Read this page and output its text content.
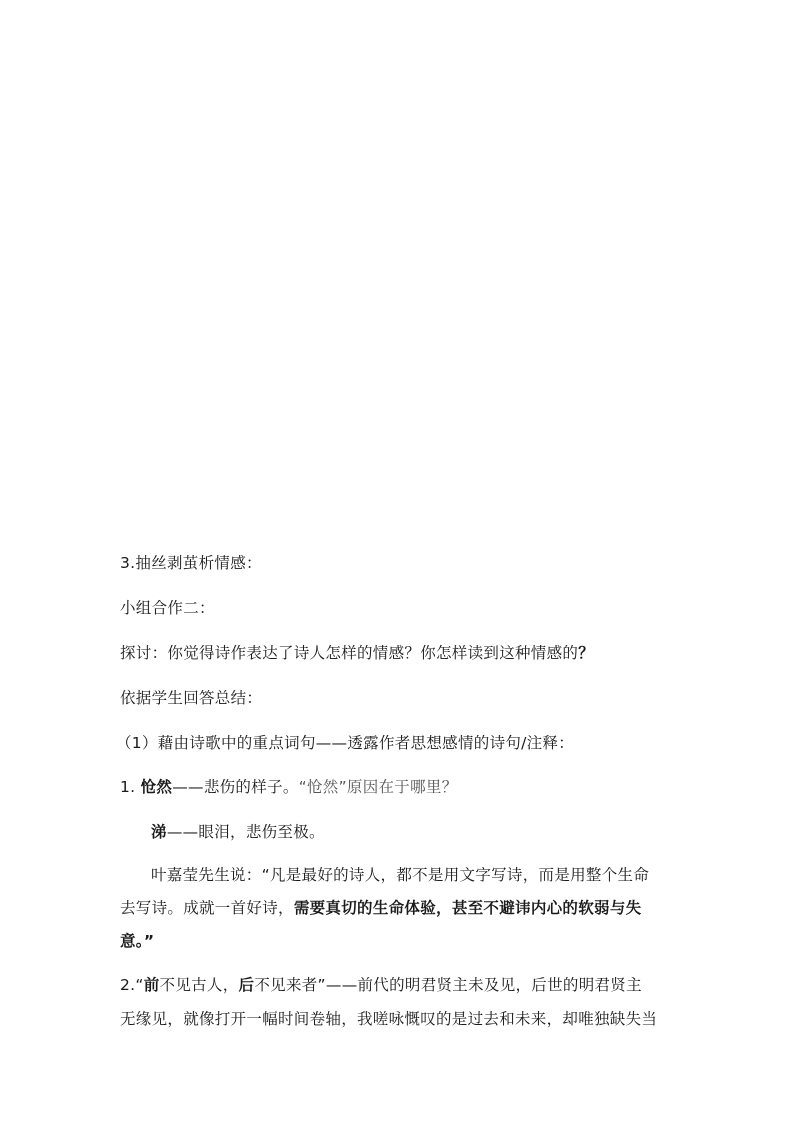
3.抽丝剥茧析情感：
小组合作二：
探讨：你觉得诗作表达了诗人怎样的情感？你怎样读到这种情感的？
依据学生回答总结：
（1）藉由诗歌中的重点词句——透露作者思想感情的诗句/注释：
1. 怆然——悲伤的样子。“怆然”原因在于哪里？
涕——眼泪，悲伤至极。
叶嘉莹先生说：“凡是最好的诗人，都不是用文字写诗，而是用整个生命
去写诗。成就一首好诗，需要真切的生命体验，甚至不避讳内心的软弱与失
意。”
2.“前不见古人，后不见来者”——前代的明君贤主未及见，后世的明君贤主
无缘见，就像打开一幅时间卷轴，我嗟咏慨叹的是过去和未来，却唯独缺失当
